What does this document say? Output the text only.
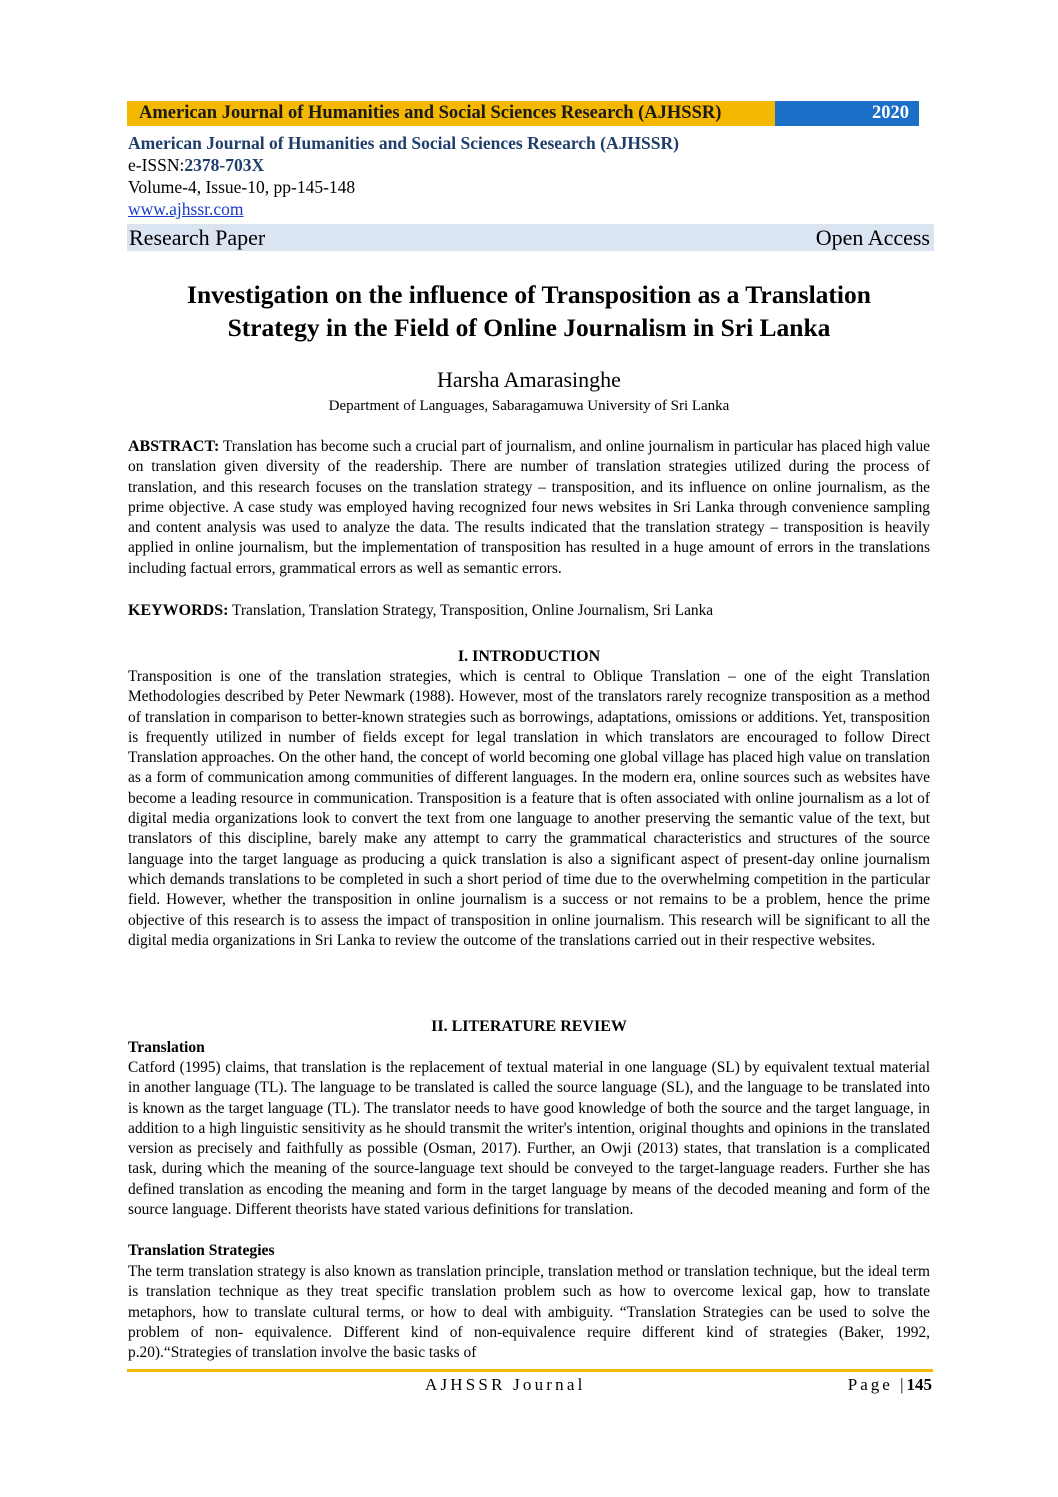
American Journal of Humanities and Social Sciences Research (AJHSSR)	2020
American Journal of Humanities and Social Sciences Research (AJHSSR)
e-ISSN:2378-703X
Volume-4, Issue-10, pp-145-148
www.ajhssr.com
Research Paper	Open Access
Investigation on the influence of Transposition as a Translation
Strategy in the Field of Online Journalism in Sri Lanka
Harsha Amarasinghe
Department of Languages, Sabaragamuwa University of Sri Lanka
ABSTRACT: Translation has become such a crucial part of journalism, and online journalism in particular has placed high value on translation given diversity of the readership. There are number of translation strategies utilized during the process of translation, and this research focuses on the translation strategy – transposition, and its influence on online journalism, as the prime objective. A case study was employed having recognized four news websites in Sri Lanka through convenience sampling and content analysis was used to analyze the data. The results indicated that the translation strategy – transposition is heavily applied in online journalism, but the implementation of transposition has resulted in a huge amount of errors in the translations including factual errors, grammatical errors as well as semantic errors.
KEYWORDS: Translation, Translation Strategy, Transposition, Online Journalism, Sri Lanka
I. INTRODUCTION
Transposition is one of the translation strategies, which is central to Oblique Translation – one of the eight Translation Methodologies described by Peter Newmark (1988). However, most of the translators rarely recognize transposition as a method of translation in comparison to better-known strategies such as borrowings, adaptations, omissions or additions. Yet, transposition is frequently utilized in number of fields except for legal translation in which translators are encouraged to follow Direct Translation approaches. On the other hand, the concept of world becoming one global village has placed high value on translation as a form of communication among communities of different languages. In the modern era, online sources such as websites have become a leading resource in communication. Transposition is a feature that is often associated with online journalism as a lot of digital media organizations look to convert the text from one language to another preserving the semantic value of the text, but translators of this discipline, barely make any attempt to carry the grammatical characteristics and structures of the source language into the target language as producing a quick translation is also a significant aspect of present-day online journalism which demands translations to be completed in such a short period of time due to the overwhelming competition in the particular field. However, whether the transposition in online journalism is a success or not remains to be a problem, hence the prime objective of this research is to assess the impact of transposition in online journalism. This research will be significant to all the digital media organizations in Sri Lanka to review the outcome of the translations carried out in their respective websites.
II. LITERATURE REVIEW
Translation
Catford (1995) claims, that translation is the replacement of textual material in one language (SL) by equivalent textual material in another language (TL). The language to be translated is called the source language (SL), and the language to be translated into is known as the target language (TL). The translator needs to have good knowledge of both the source and the target language, in addition to a high linguistic sensitivity as he should transmit the writer's intention, original thoughts and opinions in the translated version as precisely and faithfully as possible (Osman, 2017). Further, an Owji (2013) states, that translation is a complicated task, during which the meaning of the source-language text should be conveyed to the target-language readers. Further she has defined translation as encoding the meaning and form in the target language by means of the decoded meaning and form of the source language. Different theorists have stated various definitions for translation.
Translation Strategies
The term translation strategy is also known as translation principle, translation method or translation technique, but the ideal term is translation technique as they treat specific translation problem such as how to overcome lexical gap, how to translate metaphors, how to translate cultural terms, or how to deal with ambiguity. “Translation Strategies can be used to solve the problem of non- equivalence. Different kind of non-equivalence require different kind of strategies (Baker, 1992, p.20).“Strategies of translation involve the basic tasks of
AJHSSR Journal	Page |145
